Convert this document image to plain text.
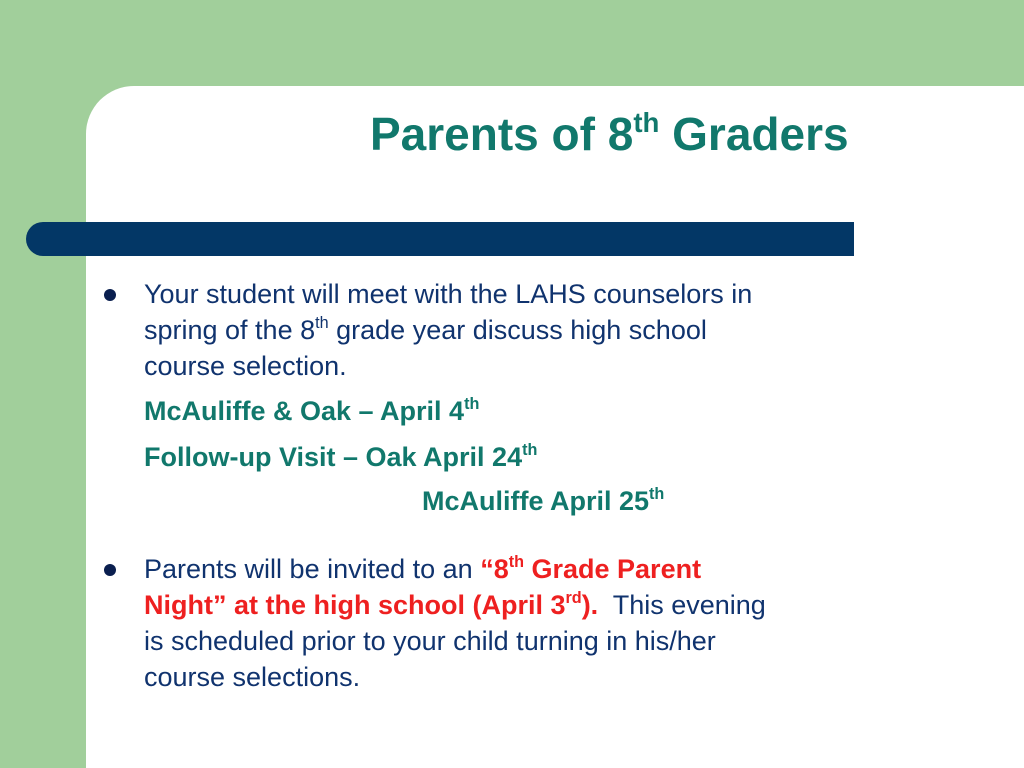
Parents of 8th Graders
Your student will meet with the LAHS counselors in
spring of the 8th grade year discuss high school
course selection.
McAuliffe & Oak – April 4th
Follow-up Visit – Oak April 24th
McAuliffe April 25th
Parents will be invited to an “8th Grade Parent
Night” at the high school (April 3rd).  This evening
is scheduled prior to your child turning in his/her
course selections.
